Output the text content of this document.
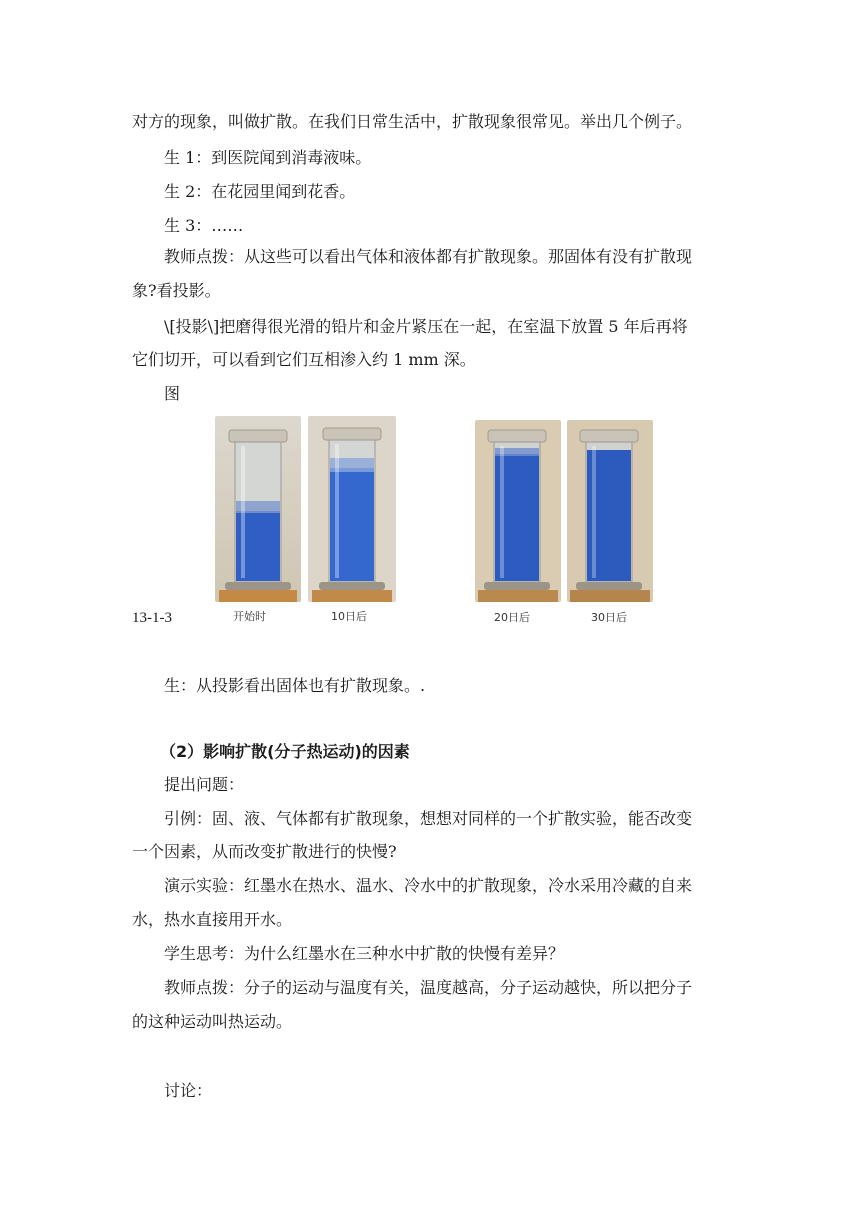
对方的现象，叫做扩散。在我们日常生活中，扩散现象很常见。举出几个例子。
生 1：到医院闻到消毒液味。
生 2：在花园里闻到花香。
生 3：……
教师点拨：从这些可以看出气体和液体都有扩散现象。那固体有没有扩散现
象?看投影。
\[投影\]把磨得很光滑的铅片和金片紧压在一起，在室温下放置 5 年后再将
它们切开，可以看到它们互相渗入约 1 mm 深。
图
开始时	10日后	20日后	30日后
13-1-3
生：从投影看出固体也有扩散现象。.
（2）影响扩散(分子热运动)的因素
提出问题：
引例：固、液、气体都有扩散现象，想想对同样的一个扩散实验，能否改变
一个因素，从而改变扩散进行的快慢?
演示实验：红墨水在热水、温水、冷水中的扩散现象，冷水采用冷藏的自来
水，热水直接用开水。
学生思考：为什么红墨水在三种水中扩散的快慢有差异？
教师点拨：分子的运动与温度有关，温度越高，分子运动越快，所以把分子
的这种运动叫热运动。
讨论：
